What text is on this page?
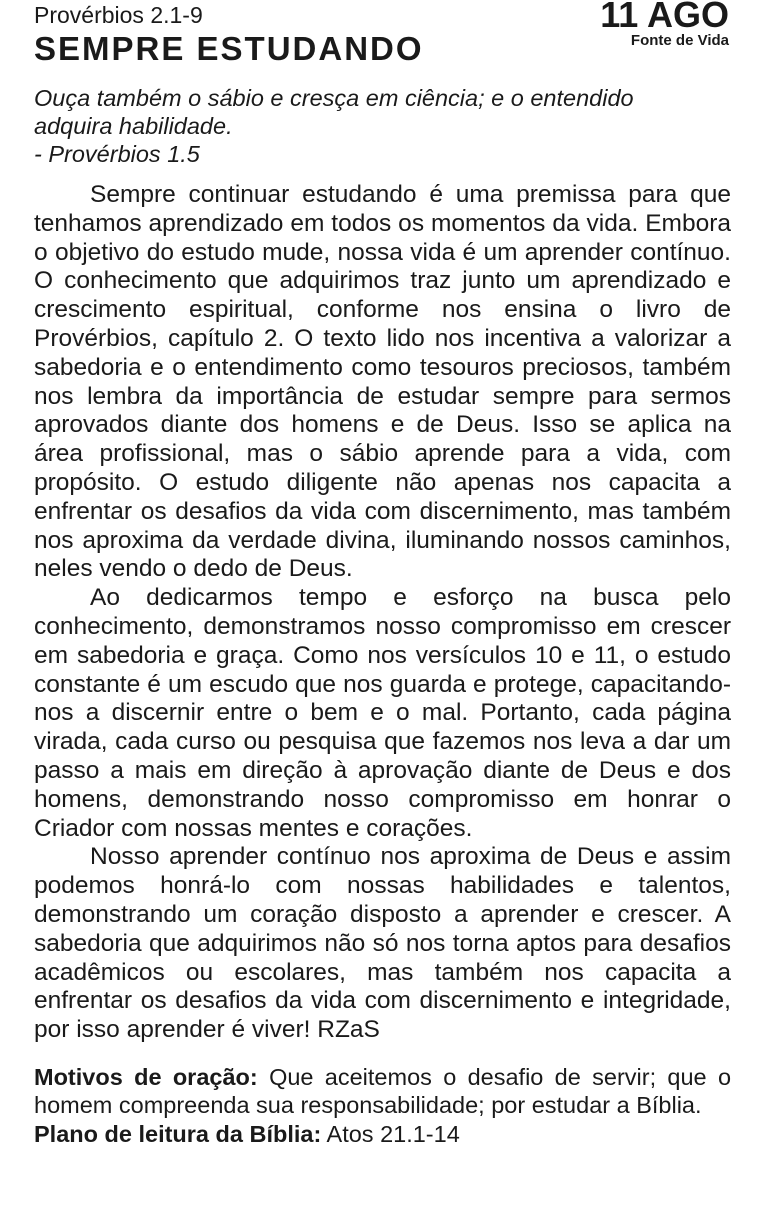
Provérbios 2.1-9
SEMPRE ESTUDANDO
11 AGO
Fonte de Vida
Ouça também o sábio e cresça em ciência; e o entendido
adquira habilidade.
- Provérbios 1.5

Sempre continuar estudando é uma premissa para que tenhamos aprendizado em todos os momentos da vida. Embora o objetivo do estudo mude, nossa vida é um aprender contínuo. O conhecimento que adquirimos traz junto um aprendizado e crescimento espiritual, conforme nos ensina o livro de Provérbios, capítulo 2. O texto lido nos incentiva a valorizar a sabedoria e o entendimento como tesouros preciosos, também nos lembra da importância de estudar sempre para sermos aprovados diante dos homens e de Deus. Isso se aplica na área profissional, mas o sábio aprende para a vida, com propósito. O estudo diligente não apenas nos capacita a enfrentar os desafios da vida com discernimento, mas também nos aproxima da verdade divina, iluminando nossos caminhos, neles vendo o dedo de Deus.

Ao dedicarmos tempo e esforço na busca pelo conhecimento, demonstramos nosso compromisso em crescer em sabedoria e graça. Como nos versículos 10 e 11, o estudo constante é um escudo que nos guarda e protege, capacitando-nos a discernir entre o bem e o mal. Portanto, cada página virada, cada curso ou pesquisa que fazemos nos leva a dar um passo a mais em direção à aprovação diante de Deus e dos homens, demonstrando nosso compromisso em honrar o Criador com nossas mentes e corações.

Nosso aprender contínuo nos aproxima de Deus e assim podemos honrá-lo com nossas habilidades e talentos, demonstrando um coração disposto a aprender e crescer. A sabedoria que adquirimos não só nos torna aptos para desafios acadêmicos ou escolares, mas também nos capacita a enfrentar os desafios da vida com discernimento e integridade, por isso aprender é viver! RZaS

Motivos de oração: Que aceitemos o desafio de servir; que o homem compreenda sua responsabilidade; por estudar a Bíblia.

Plano de leitura da Bíblia: Atos 21.1-14
